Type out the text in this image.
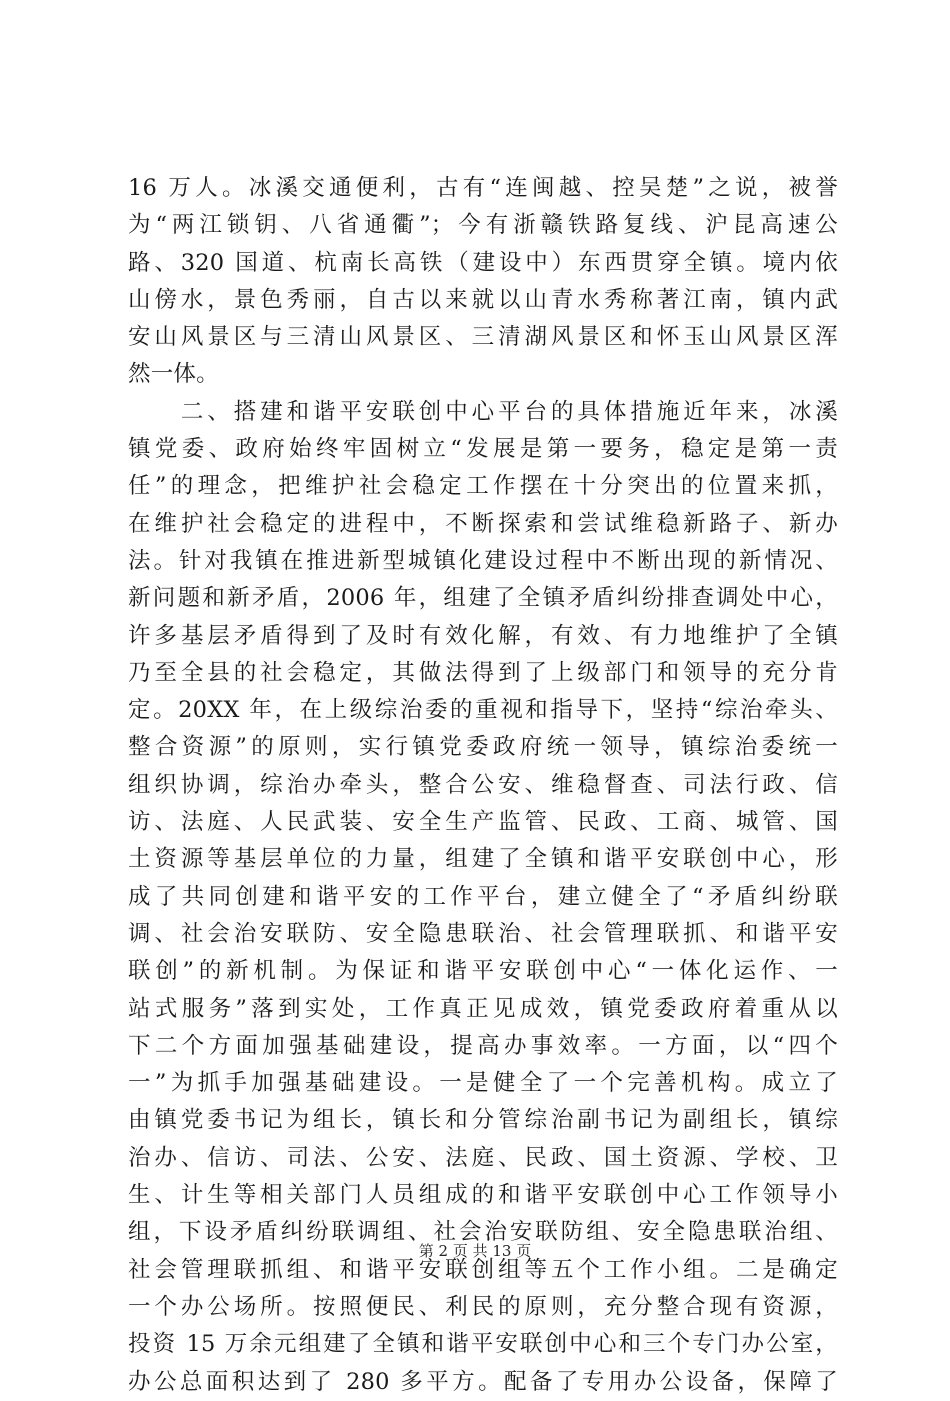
16 万人。冰溪交通便利，古有“连闽越、控吴楚”之说，被誉
为“两江锁钥、八省通衢”；今有浙赣铁路复线、沪昆高速公
路、320 国道、杭南长高铁（建设中）东西贯穿全镇。境内依
山傍水，景色秀丽，自古以来就以山青水秀称著江南，镇内武
安山风景区与三清山风景区、三清湖风景区和怀玉山风景区浑
然一体。
　　二、搭建和谐平安联创中心平台的具体措施近年来，冰溪
镇党委、政府始终牢固树立“发展是第一要务，稳定是第一责
任”的理念，把维护社会稳定工作摆在十分突出的位置来抓，
在维护社会稳定的进程中，不断探索和尝试维稳新路子、新办
法。针对我镇在推进新型城镇化建设过程中不断出现的新情况、
新问题和新矛盾，2006 年，组建了全镇矛盾纠纷排查调处中心，
许多基层矛盾得到了及时有效化解，有效、有力地维护了全镇
乃至全县的社会稳定，其做法得到了上级部门和领导的充分肯
定。20XX 年，在上级综治委的重视和指导下，坚持“综治牵头、
整合资源”的原则，实行镇党委政府统一领导，镇综治委统一
组织协调，综治办牵头，整合公安、维稳督查、司法行政、信
访、法庭、人民武装、安全生产监管、民政、工商、城管、国
土资源等基层单位的力量，组建了全镇和谐平安联创中心，形
成了共同创建和谐平安的工作平台，建立健全了“矛盾纠纷联
调、社会治安联防、安全隐患联治、社会管理联抓、和谐平安
联创”的新机制。为保证和谐平安联创中心“一体化运作、一
站式服务”落到实处，工作真正见成效，镇党委政府着重从以
下二个方面加强基础建设，提高办事效率。一方面，以“四个
一”为抓手加强基础建设。一是健全了一个完善机构。成立了
由镇党委书记为组长，镇长和分管综治副书记为副组长，镇综
治办、信访、司法、公安、法庭、民政、国土资源、学校、卫
生、计生等相关部门人员组成的和谐平安联创中心工作领导小
组，下设矛盾纠纷联调组、社会治安联防组、安全隐患联治组、
社会管理联抓组、和谐平安联创组等五个工作小组。二是确定
一个办公场所。按照便民、利民的原则，充分整合现有资源，
投资 15 万余元组建了全镇和谐平安联创中心和三个专门办公室，
办公总面积达到了 280 多平方。配备了专用办公设备，保障了
第 2 页 共 13 页
